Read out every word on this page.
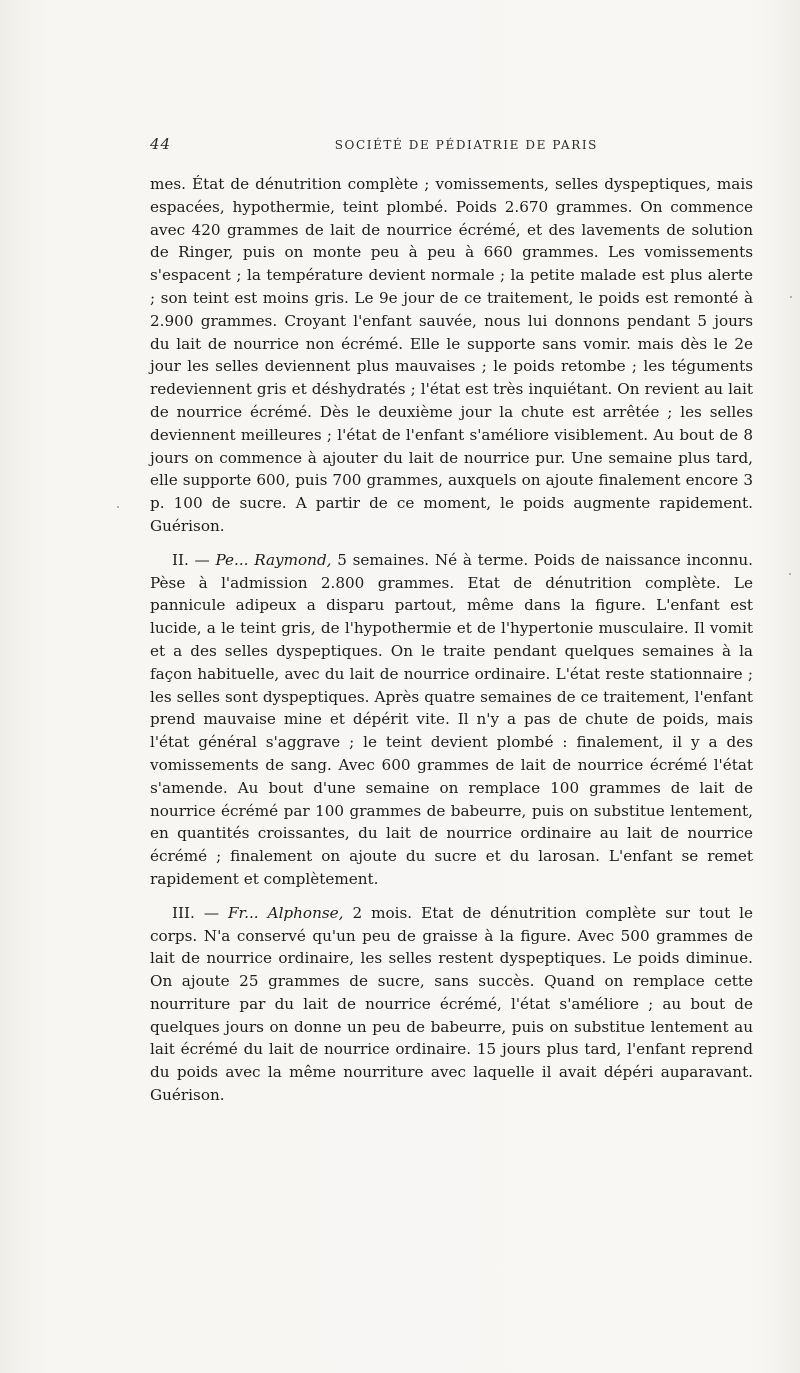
44	SOCIÉTÉ DE PÉDIATRIE DE PARIS

mes. État de dénutrition complète ; vomissements, selles dyspeptiques, mais espacées, hypothermie, teint plombé. Poids 2.670 grammes. On commence avec 420 grammes de lait de nourrice écrémé, et des lavements de solution de Ringer, puis on monte peu à peu à 660 grammes. Les vomissements s'espacent ; la température devient normale ; la petite malade est plus alerte ; son teint est moins gris. Le 9e jour de ce traitement, le poids est remonté à 2.900 grammes. Croyant l'enfant sauvée, nous lui donnons pendant 5 jours du lait de nourrice non écrémé. Elle le supporte sans vomir. mais dès le 2e jour les selles deviennent plus mauvaises ; le poids retombe ; les téguments redeviennent gris et déshydratés ; l'état est très inquiétant. On revient au lait de nourrice écrémé. Dès le deuxième jour la chute est arrêtée ; les selles deviennent meilleures ; l'état de l'enfant s'améliore visiblement. Au bout de 8 jours on commence à ajouter du lait de nourrice pur. Une semaine plus tard, elle supporte 600, puis 700 grammes, auxquels on ajoute finalement encore 3 p. 100 de sucre. A partir de ce moment, le poids augmente rapidement. Guérison.

II. — Pe... Raymond, 5 semaines. Né à terme. Poids de naissance inconnu. Pèse à l'admission 2.800 grammes. Etat de dénutrition complète. Le pannicule adipeux a disparu partout, même dans la figure. L'enfant est lucide, a le teint gris, de l'hypothermie et de l'hypertonie musculaire. Il vomit et a des selles dyspeptiques. On le traite pendant quelques semaines à la façon habituelle, avec du lait de nourrice ordinaire. L'état reste stationnaire ; les selles sont dyspeptiques. Après quatre semaines de ce traitement, l'enfant prend mauvaise mine et dépérit vite. Il n'y a pas de chute de poids, mais l'état général s'aggrave ; le teint devient plombé : finalement, il y a des vomissements de sang. Avec 600 grammes de lait de nourrice écrémé l'état s'amende. Au bout d'une semaine on remplace 100 grammes de lait de nourrice écrémé par 100 grammes de babeurre, puis on substitue lentement, en quantités croissantes, du lait de nourrice ordinaire au lait de nourrice écrémé ; finalement on ajoute du sucre et du larosan. L'enfant se remet rapidement et complètement.

III. — Fr... Alphonse, 2 mois. Etat de dénutrition complète sur tout le corps. N'a conservé qu'un peu de graisse à la figure. Avec 500 grammes de lait de nourrice ordinaire, les selles restent dyspeptiques. Le poids diminue. On ajoute 25 grammes de sucre, sans succès. Quand on remplace cette nourriture par du lait de nourrice écrémé, l'état s'améliore ; au bout de quelques jours on donne un peu de babeurre, puis on substitue lentement au lait écrémé du lait de nourrice ordinaire. 15 jours plus tard, l'enfant reprend du poids avec la même nourriture avec laquelle il avait dépéri auparavant. Guérison.
